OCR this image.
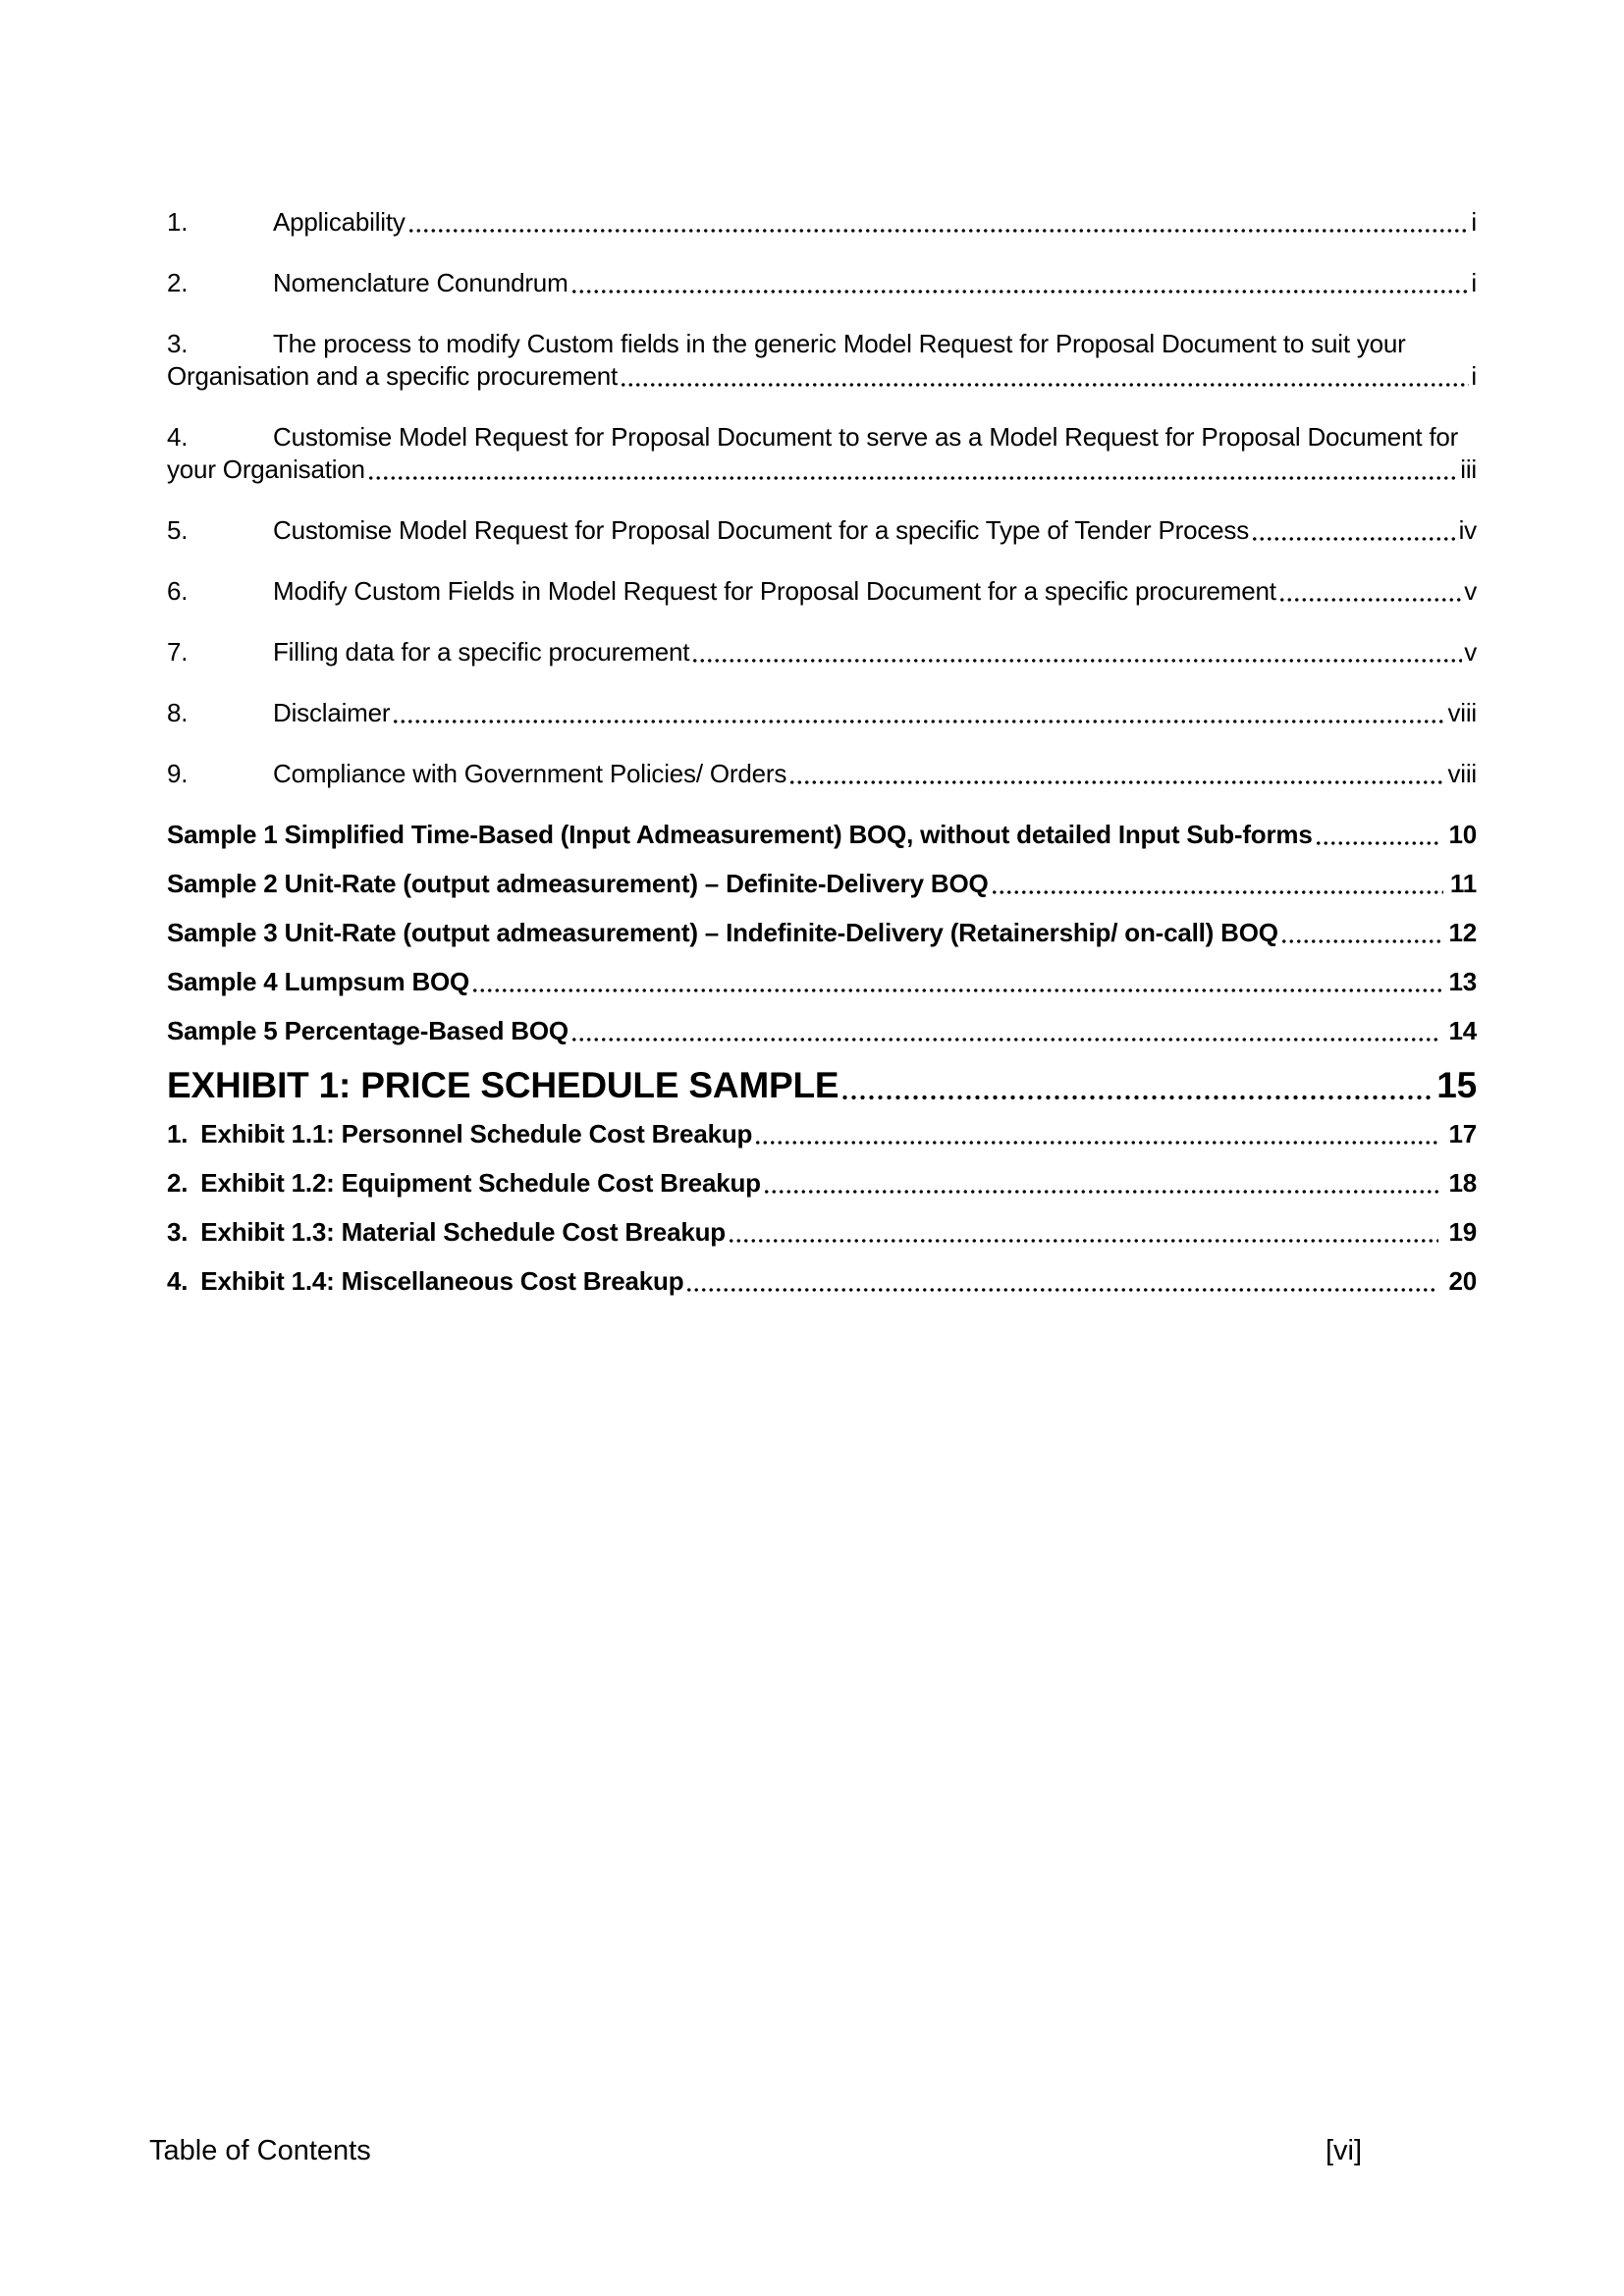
1.	Applicability	i
2.	Nomenclature Conundrum	i
3.	The process to modify Custom fields in the generic Model Request for Proposal Document to suit your
Organisation and a specific procurement	i
4.	Customise Model Request for Proposal Document to serve as a Model Request for Proposal Document for
your Organisation	iii
5.	Customise Model Request for Proposal Document for a specific Type of Tender Process	iv
6.	Modify Custom Fields in Model Request for Proposal Document for a specific procurement	v
7.	Filling data for a specific procurement	v
8.	Disclaimer	viii
9.	Compliance with Government Policies/ Orders	viii
Sample 1 Simplified Time-Based (Input Admeasurement) BOQ, without detailed Input Sub-forms	10
Sample 2 Unit-Rate (output admeasurement) – Definite-Delivery BOQ	11
Sample 3 Unit-Rate (output admeasurement) – Indefinite-Delivery (Retainership/ on-call) BOQ	12
Sample 4 Lumpsum BOQ	13
Sample 5 Percentage-Based BOQ	14
EXHIBIT 1: PRICE SCHEDULE SAMPLE	15
1. Exhibit 1.1: Personnel Schedule Cost Breakup	17
2. Exhibit 1.2: Equipment Schedule Cost Breakup	18
3. Exhibit 1.3: Material Schedule Cost Breakup	19
4. Exhibit 1.4: Miscellaneous Cost Breakup	20
Table of Contents	[vi]
